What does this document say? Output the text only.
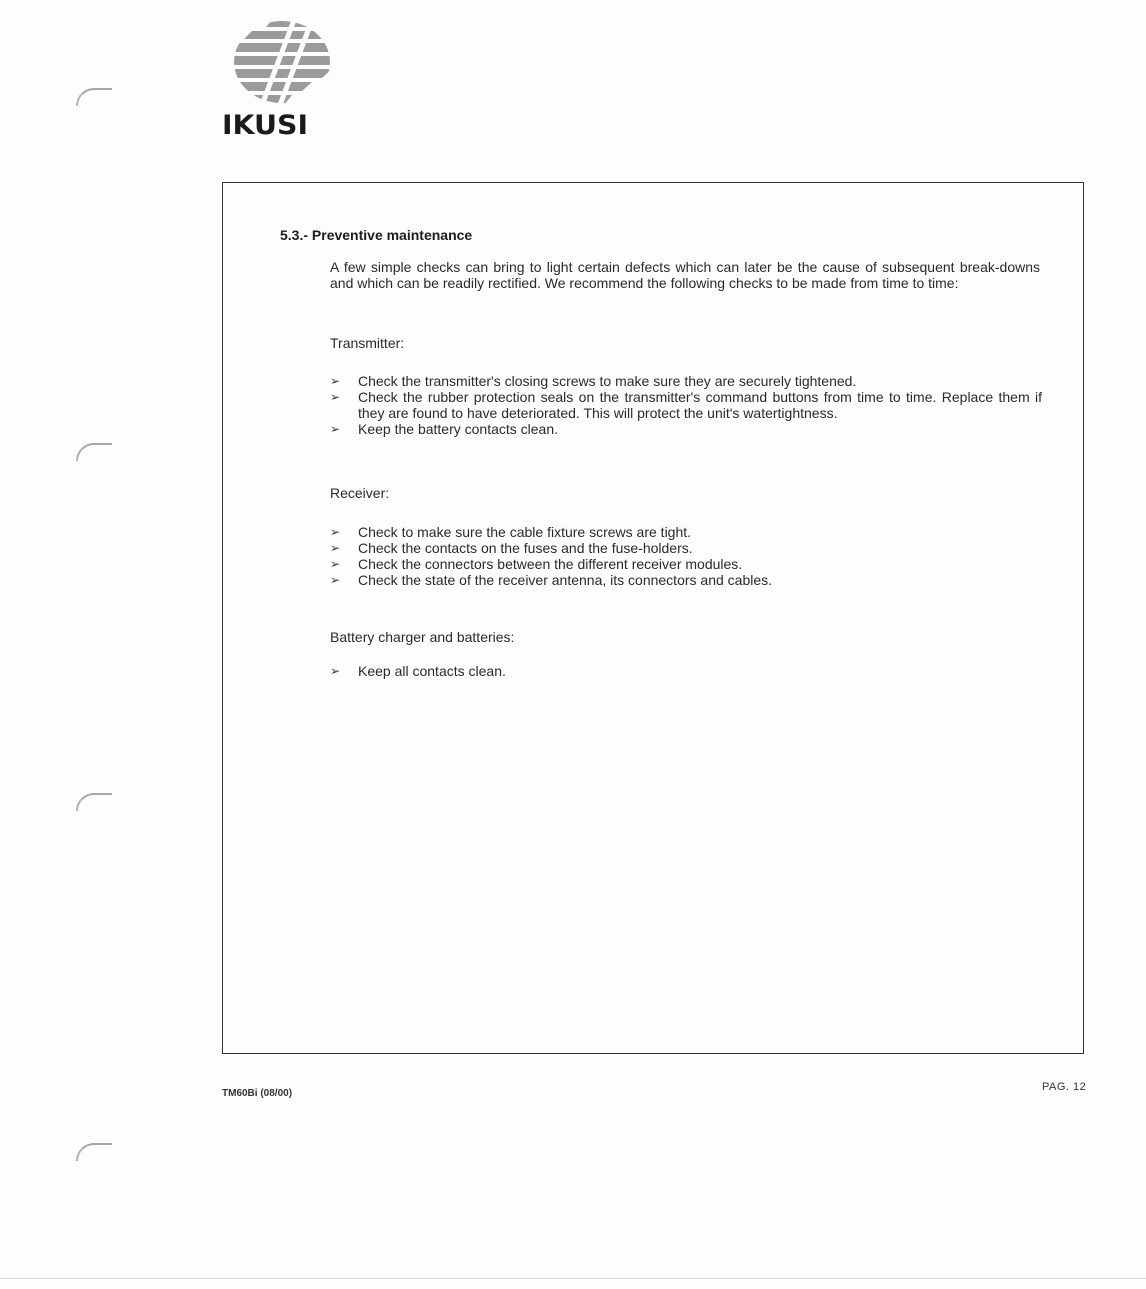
IKUSI
5.3.- Preventive maintenance

A few simple checks can bring to light certain defects which can later be the cause of subsequent break-downs and which can be readily rectified. We recommend the following checks to be made from time to time:

Transmitter:
➢ Check the transmitter's closing screws to make sure they are securely tightened.
➢ Check the rubber protection seals on the transmitter's command buttons from time to time. Replace them if they are found to have deteriorated. This will protect the unit's watertightness.
➢ Keep the battery contacts clean.
Receiver:
➢ Check to make sure the cable fixture screws are tight.
➢ Check the contacts on the fuses and the fuse-holders.
➢ Check the connectors between the different receiver modules.
➢ Check the state of the receiver antenna, its connectors and cables.
Battery charger and batteries:
➢ Keep all contacts clean.
TM60Bi (08/00)
PAG. 12
